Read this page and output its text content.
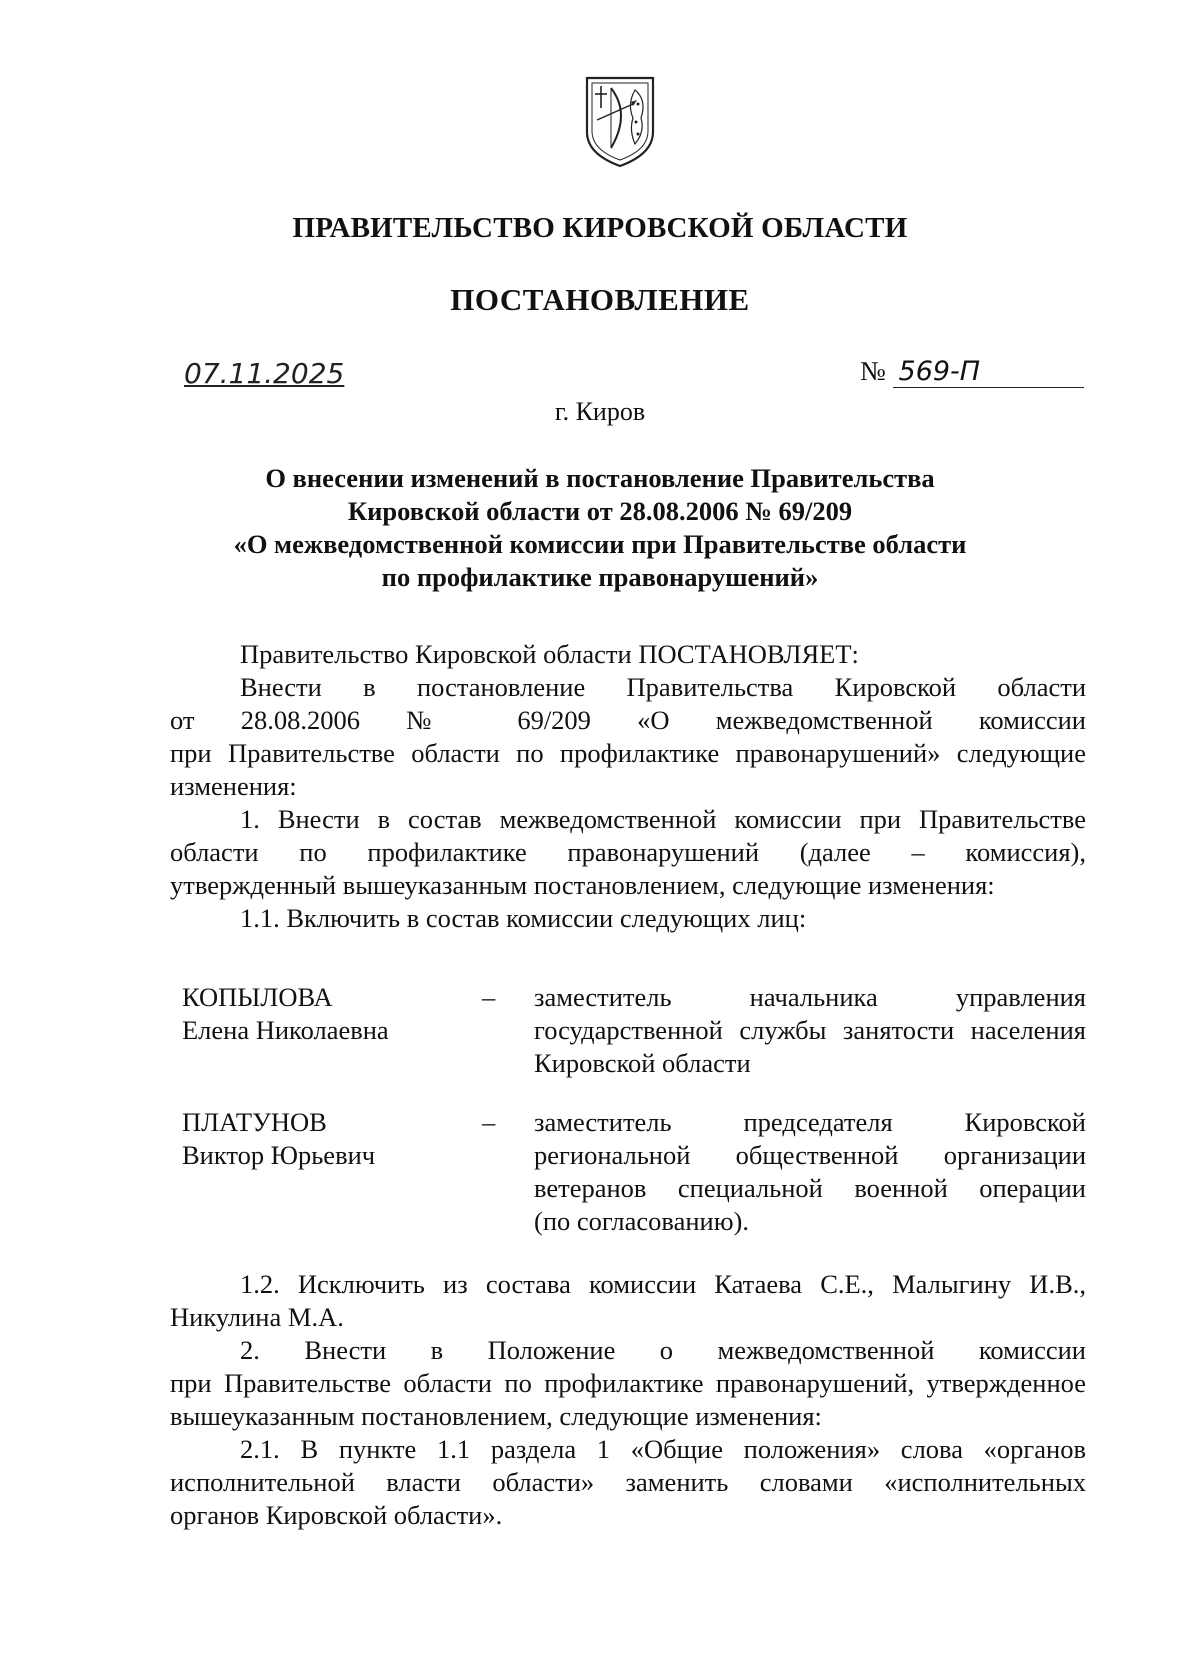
ПРАВИТЕЛЬСТВО КИРОВСКОЙ ОБЛАСТИ
ПОСТАНОВЛЕНИЕ
07.11.2025	№ 569-П
г. Киров
О внесении изменений в постановление Правительства
Кировской области от 28.08.2006 № 69/209
«О межведомственной комиссии при Правительстве области
по профилактике правонарушений»
Правительство Кировской области ПОСТАНОВЛЯЕТ:
Внести в постановление Правительства Кировской области
от 28.08.2006 № 69/209 «О межведомственной комиссии
при Правительстве области по профилактике правонарушений» следующие
изменения:
1. Внести в состав межведомственной комиссии при Правительстве
области по профилактике правонарушений (далее – комиссия),
утвержденный вышеуказанным постановлением, следующие изменения:
1.1. Включить в состав комиссии следующих лиц:
КОПЫЛОВА
Елена Николаевна
– заместитель начальника управления
государственной службы занятости населения
Кировской области
ПЛАТУНОВ
Виктор Юрьевич
– заместитель председателя Кировской
региональной общественной организации
ветеранов специальной военной операции
(по согласованию).
1.2. Исключить из состава комиссии Катаева С.Е., Малыгину И.В.,
Никулина М.А.
2. Внести в Положение о межведомственной комиссии
при Правительстве области по профилактике правонарушений, утвержденное
вышеуказанным постановлением, следующие изменения:
2.1. В пункте 1.1 раздела 1 «Общие положения» слова «органов
исполнительной власти области» заменить словами «исполнительных
органов Кировской области».
